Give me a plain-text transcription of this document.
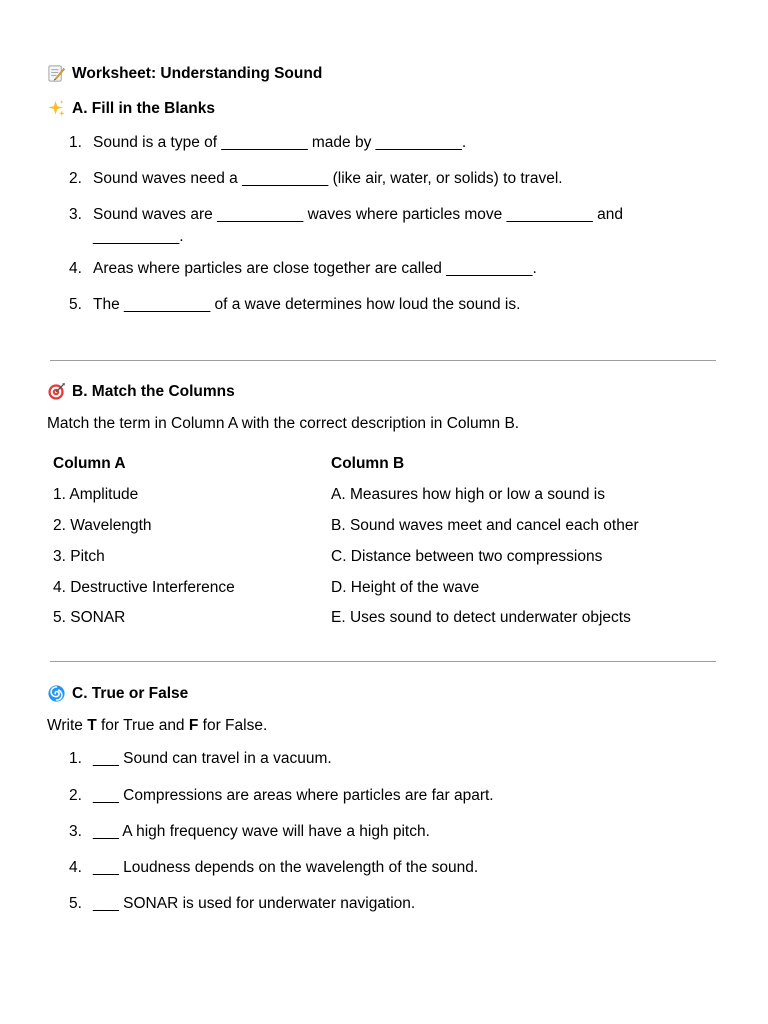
Worksheet: Understanding Sound
A. Fill in the Blanks
1. Sound is a type of __________ made by __________.
2. Sound waves need a __________ (like air, water, or solids) to travel.
3. Sound waves are __________ waves where particles move __________ and __________.
4. Areas where particles are close together are called __________.
5. The __________ of a wave determines how loud the sound is.
B. Match the Columns
Match the term in Column A with the correct description in Column B.
Column A	Column B
1. Amplitude	A. Measures how high or low a sound is
2. Wavelength	B. Sound waves meet and cancel each other
3. Pitch	C. Distance between two compressions
4. Destructive Interference	D. Height of the wave
5. SONAR	E. Uses sound to detect underwater objects
C. True or False
Write T for True and F for False.
1. ___ Sound can travel in a vacuum.
2. ___ Compressions are areas where particles are far apart.
3. ___ A high frequency wave will have a high pitch.
4. ___ Loudness depends on the wavelength of the sound.
5. ___ SONAR is used for underwater navigation.
